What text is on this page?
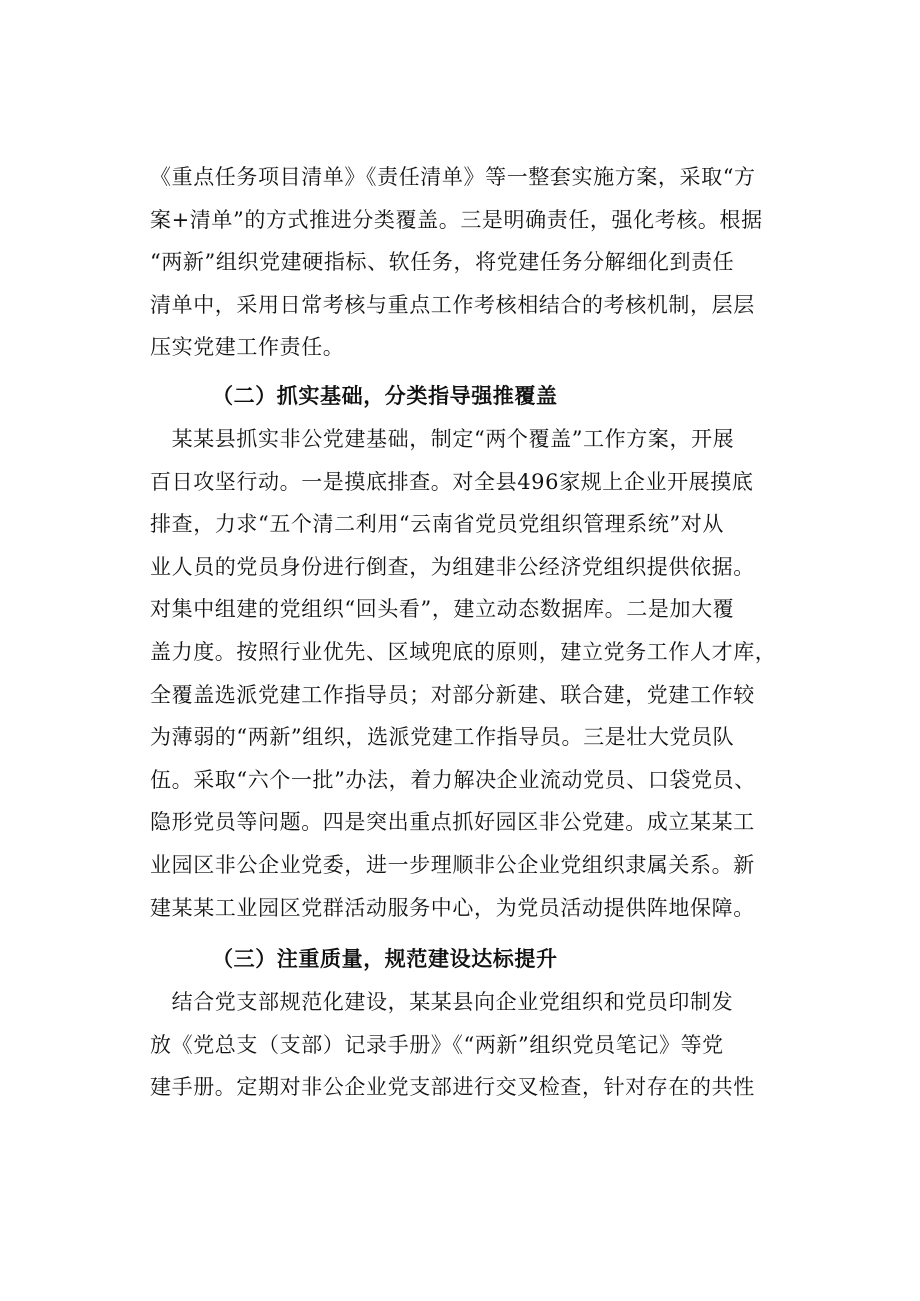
《重点任务项目清单》《责任清单》等一整套实施方案，采取“方
案+清单”的方式推进分类覆盖。三是明确责任，强化考核。根据
“两新”组织党建硬指标、软任务，将党建任务分解细化到责任
清单中，采用日常考核与重点工作考核相结合的考核机制，层层
压实党建工作责任。
（二）抓实基础，分类指导强推覆盖
　某某县抓实非公党建基础，制定“两个覆盖”工作方案，开展
百日攻坚行动。一是摸底排查。对全县496家规上企业开展摸底
排查，力求“五个清二利用“云南省党员党组织管理系统”对从
业人员的党员身份进行倒查，为组建非公经济党组织提供依据。
对集中组建的党组织“回头看”，建立动态数据库。二是加大覆
盖力度。按照行业优先、区域兜底的原则，建立党务工作人才库，
全覆盖选派党建工作指导员；对部分新建、联合建，党建工作较
为薄弱的“两新”组织，选派党建工作指导员。三是壮大党员队
伍。采取“六个一批”办法，着力解决企业流动党员、口袋党员、
隐形党员等问题。四是突出重点抓好园区非公党建。成立某某工
业园区非公企业党委，进一步理顺非公企业党组织隶属关系。新
建某某工业园区党群活动服务中心，为党员活动提供阵地保障。
（三）注重质量，规范建设达标提升
　结合党支部规范化建设，某某县向企业党组织和党员印制发
放《党总支（支部）记录手册》《“两新”组织党员笔记》等党
建手册。定期对非公企业党支部进行交叉检查，针对存在的共性
